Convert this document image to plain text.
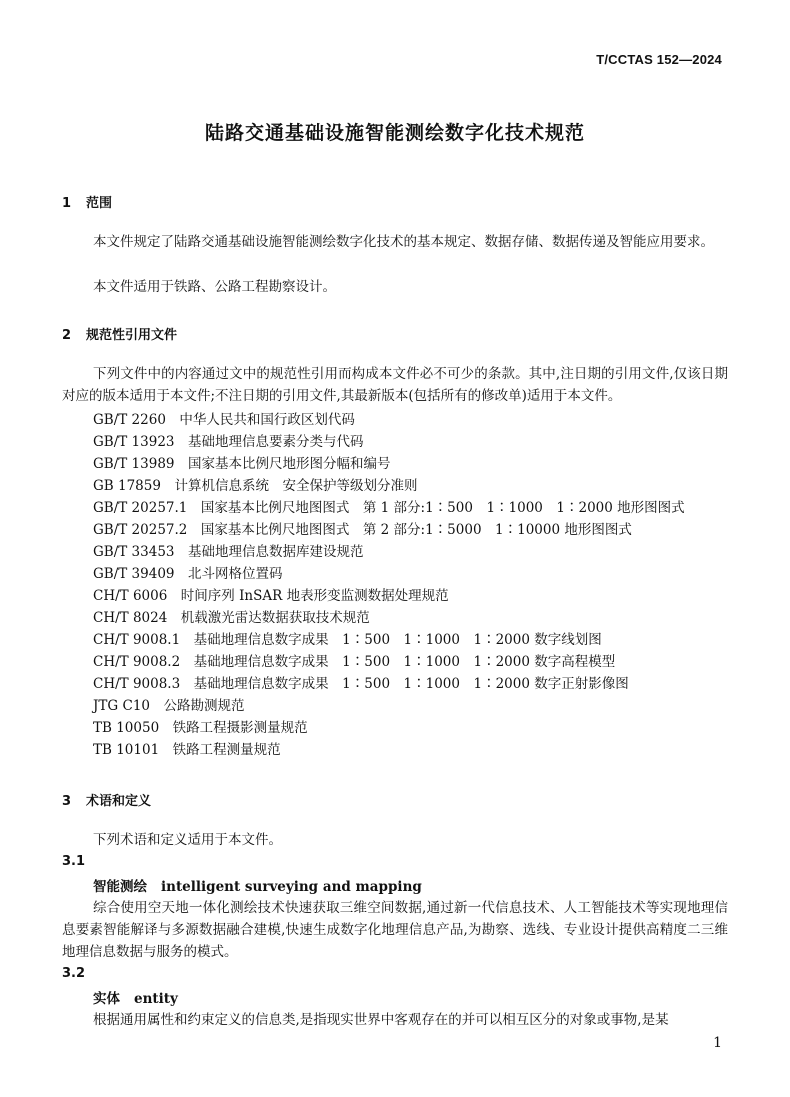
T/CCTAS 152—2024
陆路交通基础设施智能测绘数字化技术规范
1 范围
本文件规定了陆路交通基础设施智能测绘数字化技术的基本规定、数据存储、数据传递及智能应用要求。
本文件适用于铁路、公路工程勘察设计。
2 规范性引用文件
下列文件中的内容通过文中的规范性引用而构成本文件必不可少的条款。其中,注日期的引用文件,仅该日期对应的版本适用于本文件;不注日期的引用文件,其最新版本(包括所有的修改单)适用于本文件。
GB/T 2260　中华人民共和国行政区划代码
GB/T 13923　基础地理信息要素分类与代码
GB/T 13989　国家基本比例尺地形图分幅和编号
GB 17859　计算机信息系统　安全保护等级划分准则
GB/T 20257.1　国家基本比例尺地图图式　第 1 部分:1∶500　1∶1000　1∶2000 地形图图式
GB/T 20257.2　国家基本比例尺地图图式　第 2 部分:1∶5000　1∶10000 地形图图式
GB/T 33453　基础地理信息数据库建设规范
GB/T 39409　北斗网格位置码
CH/T 6006　时间序列 InSAR 地表形变监测数据处理规范
CH/T 8024　机载激光雷达数据获取技术规范
CH/T 9008.1　基础地理信息数字成果　1∶500　1∶1000　1∶2000 数字线划图
CH/T 9008.2　基础地理信息数字成果　1∶500　1∶1000　1∶2000 数字高程模型
CH/T 9008.3　基础地理信息数字成果　1∶500　1∶1000　1∶2000 数字正射影像图
JTG C10　公路勘测规范
TB 10050　铁路工程摄影测量规范
TB 10101　铁路工程测量规范
3 术语和定义
下列术语和定义适用于本文件。
3.1
智能测绘 intelligent surveying and mapping
综合使用空天地一体化测绘技术快速获取三维空间数据,通过新一代信息技术、人工智能技术等实现地理信息要素智能解译与多源数据融合建模,快速生成数字化地理信息产品,为勘察、选线、专业设计提供高精度二三维地理信息数据与服务的模式。
3.2
实体 entity
根据通用属性和约束定义的信息类,是指现实世界中客观存在的并可以相互区分的对象或事物,是某
1
